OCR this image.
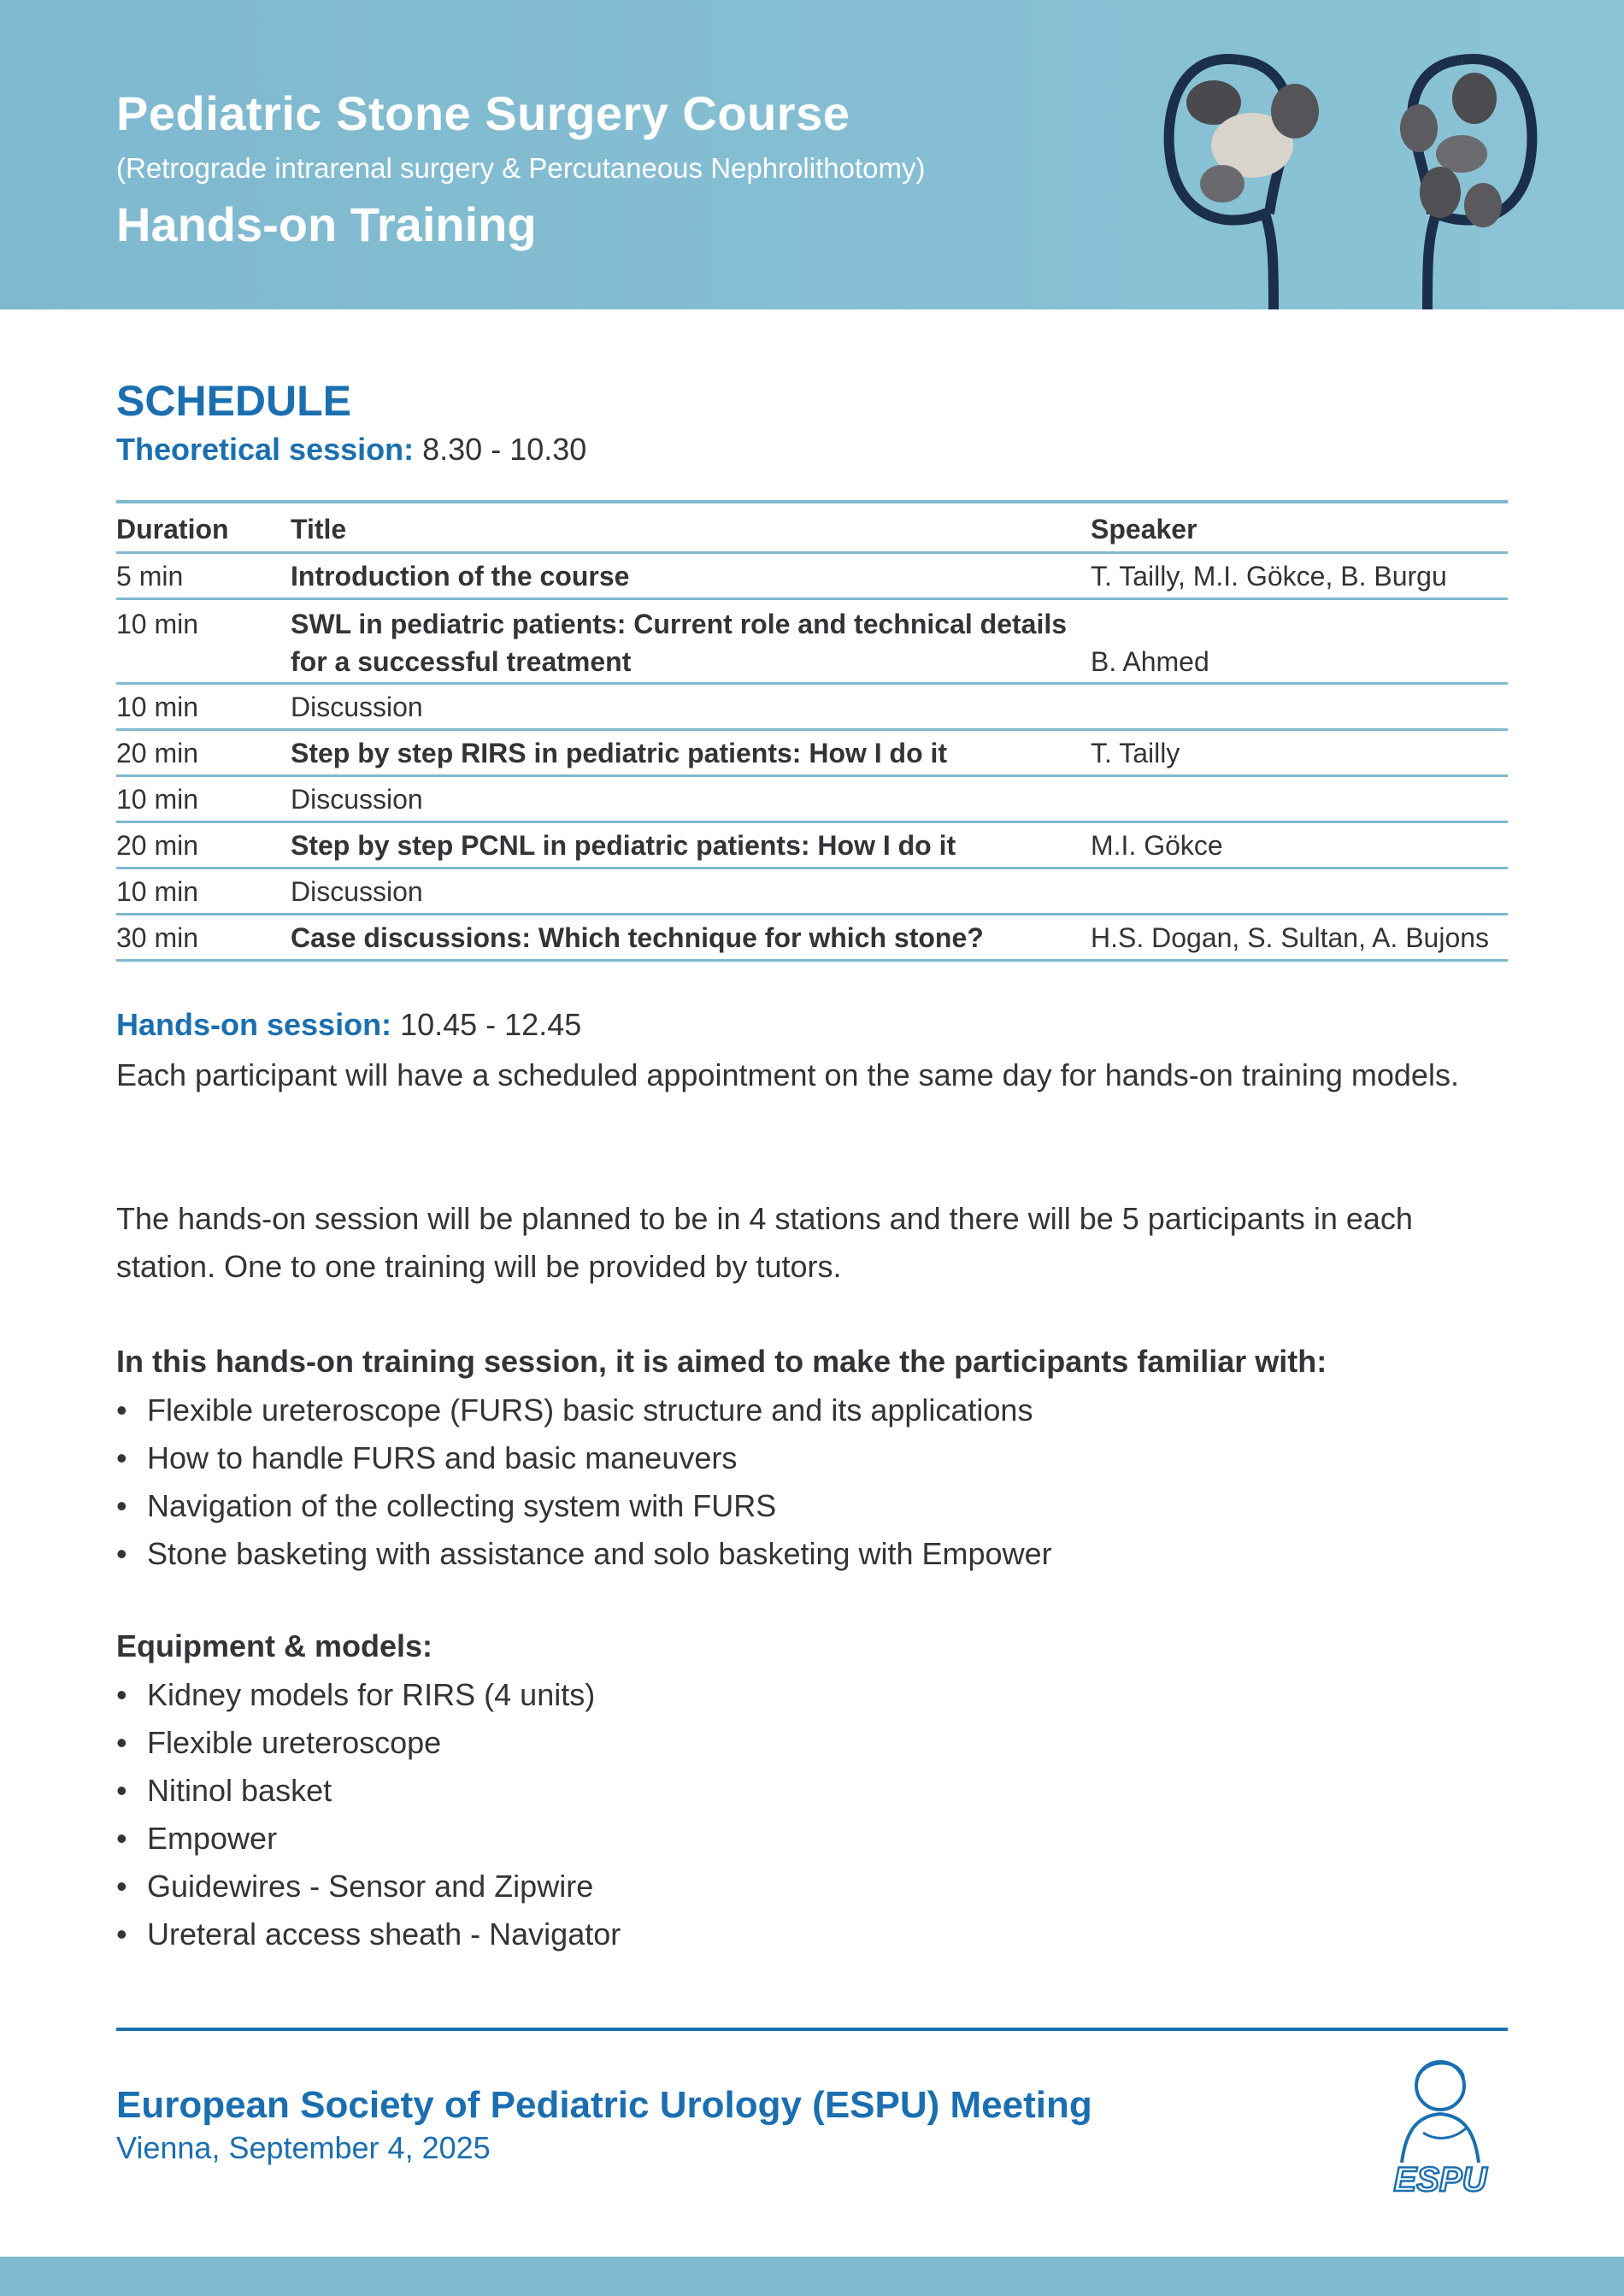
Pediatric Stone Surgery Course
(Retrograde intrarenal surgery & Percutaneous Nephrolithotomy)
Hands-on Training
SCHEDULE
Theoretical session: 8.30 - 10.30
Duration Title	Speaker
5 min	Introduction of the course	T. Tailly, M.I. Gökce, B. Burgu
10 min	SWL in pediatric patients: Current role and technical details
for a successful treatment	B. Ahmed
10 min	Discussion
20 min	Step by step RIRS in pediatric patients: How I do it	T. Tailly
10 min	Discussion
20 min	Step by step PCNL in pediatric patients: How I do it	M.I. Gökce
10 min	Discussion
30 min	Case discussions: Which technique for which stone?	H.S. Dogan, S. Sultan, A. Bujons
Hands-on session: 10.45 - 12.45
Each participant will have a scheduled appointment on the same day for hands-on training models.
The hands-on session will be planned to be in 4 stations and there will be 5 participants in each station. One to one training will be provided by tutors.
In this hands-on training session, it is aimed to make the participants familiar with:
• Flexible ureteroscope (FURS) basic structure and its applications
• How to handle FURS and basic maneuvers
• Navigation of the collecting system with FURS
• Stone basketing with assistance and solo basketing with Empower
Equipment & models:
• Kidney models for RIRS (4 units)
• Flexible ureteroscope
• Nitinol basket
• Empower
• Guidewires - Sensor and Zipwire
• Ureteral access sheath - Navigator
European Society of Pediatric Urology (ESPU) Meeting
Vienna, September 4, 2025
ESPU
